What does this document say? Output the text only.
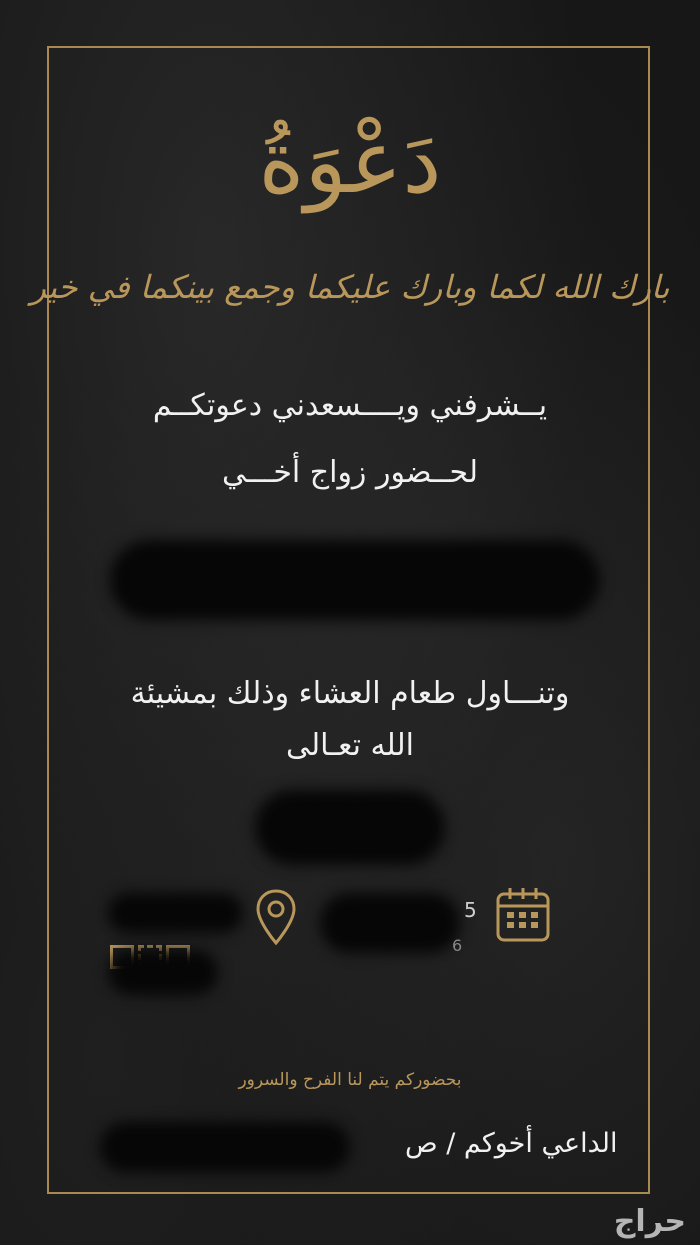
دَعْوَةُ
بارك الله لكما وبارك عليكما وجمع بينكما في خير
يــشرفني ويــــسعدني دعوتكــم
لحــضور زواج أخـــي
وتنـــاول طعام العشاء وذلك بمشيئة
الله تعـالى
5
6
بحضوركم يتم لنا الفرح والسرور
الداعي أخوكم / ص
حراج
